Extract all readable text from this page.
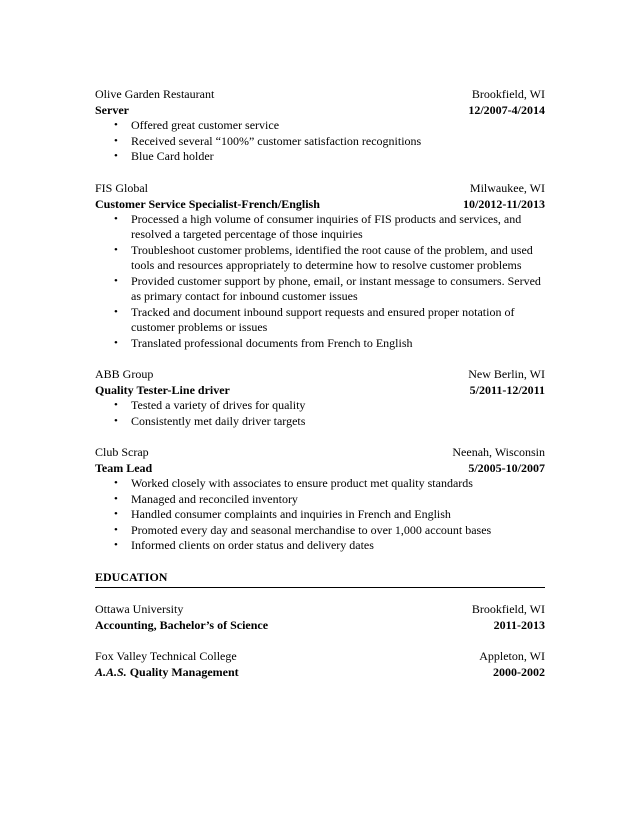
Olive Garden Restaurant	Brookfield, WI
Server	12/2007-4/2014
• Offered great customer service
• Received several “100%” customer satisfaction recognitions
• Blue Card holder
FIS Global	Milwaukee, WI
Customer Service Specialist-French/English	10/2012-11/2013
• Processed a high volume of consumer inquiries of FIS products and services, and resolved a targeted percentage of those inquiries
• Troubleshoot customer problems, identified the root cause of the problem, and used tools and resources appropriately to determine how to resolve customer problems
• Provided customer support by phone, email, or instant message to consumers. Served as primary contact for inbound customer issues
• Tracked and document inbound support requests and ensured proper notation of customer problems or issues
• Translated professional documents from French to English
ABB Group	New Berlin, WI
Quality Tester-Line driver	5/2011-12/2011
• Tested a variety of drives for quality
• Consistently met daily driver targets
Club Scrap	Neenah, Wisconsin
Team Lead	5/2005-10/2007
• Worked closely with associates to ensure product met quality standards
• Managed and reconciled inventory
• Handled consumer complaints and inquiries in French and English
• Promoted every day and seasonal merchandise to over 1,000 account bases
• Informed clients on order status and delivery dates
EDUCATION
Ottawa University	Brookfield, WI
Accounting, Bachelor’s of Science	2011-2013
Fox Valley Technical College	Appleton, WI
A.A.S. Quality Management	2000-2002
